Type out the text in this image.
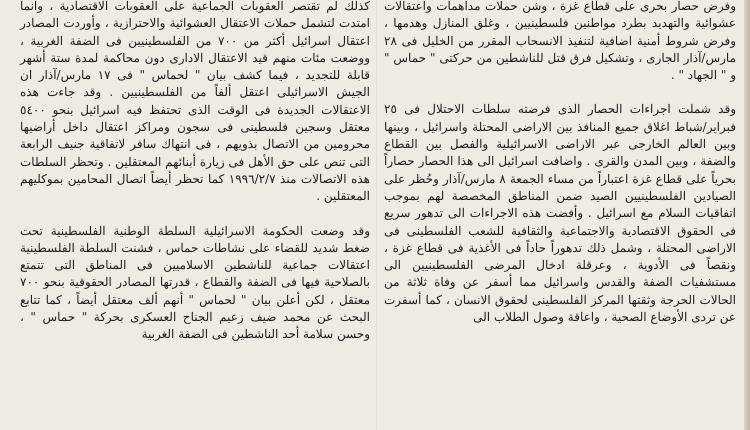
وفرض حصار بحرى على قطاع غزة ، وشن حملات مداهمات واعتقالات عشوائية والتهديد بطرد مواطنين فلسطينيين ، وغلق المنازل وهدمها ، وفرض شروط أمنية اضافية لتنفيذ الانسحاب المقرر من الخليل فى ٢٨ مارس/آذار الجارى ، وتشكيل فرق قتل للناشطين من حركتى " حماس " و " الجهاد " .

وقد شملت اجراءات الحصار الذى فرضته سلطات الاحتلال فى ٢٥ فبراير/شباط اغلاق جميع المنافذ بين الاراضى المحتلة واسرائيل ، وبينها وبين العالم الخارجى عبر الاراضى الاسرائيلية والفصل بين القطاع والضفة ، وبين المدن والقرى . واضافت اسرائيل الى هذا الحصار حصاراً بحرياً على قطاع غزة اعتباراً من مساء الجمعة ٨ مارس/آذار وحُظر على الصيادين الفلسطينيين الصيد ضمن المناطق المخصصة لهم بموجب اتفاقيات السلام مع اسرائيل . وأفضت هذه الاجراءات الى تدهور سريع فى الحقوق الاقتصادية والاجتماعية والثقافية للشعب الفلسطينى فى الاراضى المحتلة ، وشمل ذلك تدهوراً حاداً فى الأغذية فى قطاع غزة ، ونقصاً فى الأدوية ، وعرقلة ادخال المرضى الفلسطينيين الى مستشفيات الضفة والقدس واسرائيل مما أسفر عن وفاة ثلاثة من الحالات الحرجة وثقتها المركز الفلسطينى لحقوق الانسان ، كما أسفرت عن تردى الأوضاع الصحية ، واعاقة وصول الطلاب الى

كذلك لم تقتصر العقوبات الجماعية على العقوبات الاقتصادية ، وانما امتدت لتشمل حملات الاعتقال العشوائية والاحترازية ، وأوردت المصادر اعتقال اسرائيل أكثر من ٧٠٠ من الفلسطينيين فى الضفة الغربية ، ووضعت مئات منهم قيد الاعتقال الادارى دون محاكمة لمدة ستة أشهر قابلة للتجديد ، فيما كشف بيان " لحماس " فى ١٧ مارس/آذار ان الجيش الاسرائيلى اعتقل ألفاً من الفلسطينيين . وقد جاءت هذه الاعتقالات الجديدة فى الوقت الذى تحتفظ فيه اسرائيل بنحو ٥٤٠٠ معتقل وسجين فلسطينى فى سجون ومراكز اعتقال داخل أراضيها محرومين من الاتصال بذويهم ، فى انتهاك سافر لاتفاقية جنيف الرابعة التى تنص على حق الأهل فى زيارة أبنائهم المعتقلين . وتحظر السلطات هذه الاتصالات منذ ١٩٩٦/٢/٧ كما تحظر أيضاً اتصال المحامين بموكليهم المعتقلين .

وقد وضعت الحكومة الاسرائيلية السلطة الوطنية الفلسطينية تحت ضغط شديد للقضاء على نشاطات حماس ، فشنت السلطة الفلسطينية اعتقالات جماعية للناشطين الاسلاميين فى المناطق التى تتمتع بالصلاحية فيها فى الضفة والقطاع ، قدرتها المصادر الحقوقية بنحو ٧٠٠ معتقل ، لكن أعلن بيان " لحماس " أنهم ألف معتقل أيضاً ، كما تتابع البحث عن محمد ضيف زعيم الجناح العسكرى بحركة " حماس " ، وحسن سلامة أحد الناشطين فى الضفة الغربية
